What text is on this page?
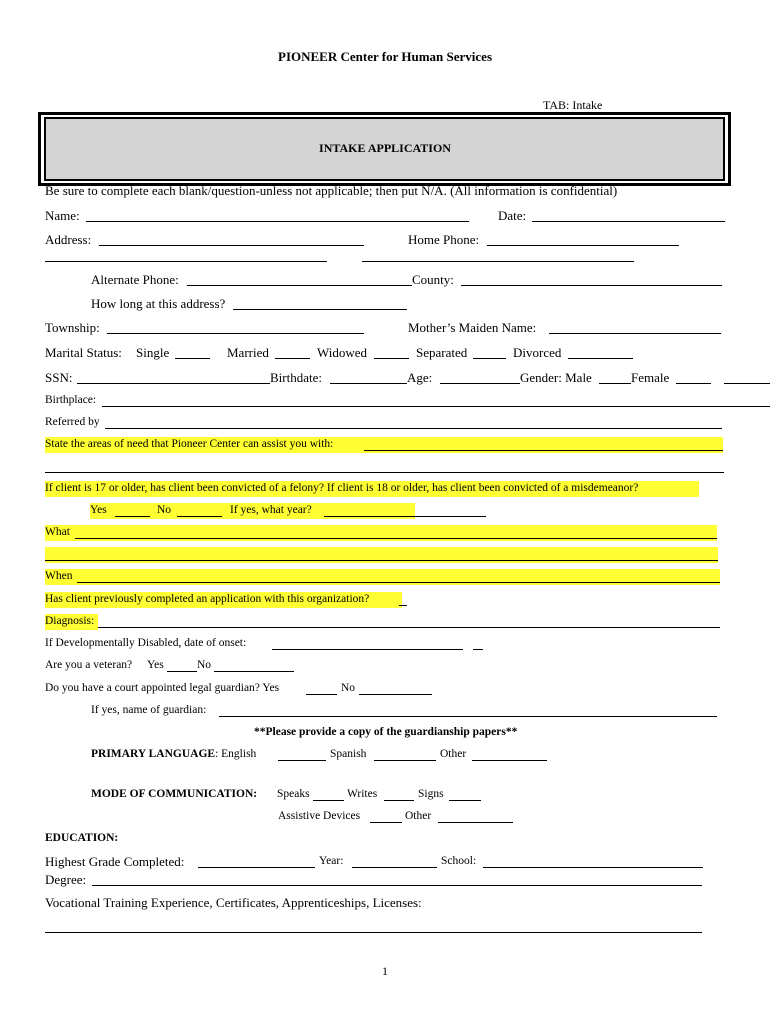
PIONEER Center for Human Services
TAB: Intake
INTAKE APPLICATION
Be sure to complete each blank/question-unless not applicable; then put N/A. (All information is confidential)
Name:	Date:
Address:	Home Phone:
Alternate Phone:	County:
How long at this address?
Township:	Mother’s Maiden Name:
Marital Status: Single	Married	Widowed	Separated	Divorced
SSN:	Birthdate:	Age:	Gender: Male	Female
Birthplace:
Referred by
State the areas of need that Pioneer Center can assist you with:
If client is 17 or older, has client been convicted of a felony? If client is 18 or older, has client been convicted of a misdemeanor?
Yes	No	If yes, what year?
What
When
Has client previously completed an application with this organization?
Diagnosis:
If Developmentally Disabled, date of onset:
Are you a veteran? Yes	No
Do you have a court appointed legal guardian? Yes	No
If yes, name of guardian:
**Please provide a copy of the guardianship papers**
PRIMARY LANGUAGE: English	Spanish	Other
MODE OF COMMUNICATION: Speaks	Writes	Signs
Assistive Devices	Other
EDUCATION:
Highest Grade Completed:	Year:	School:
Degree:
Vocational Training Experience, Certificates, Apprenticeships, Licenses:
1
